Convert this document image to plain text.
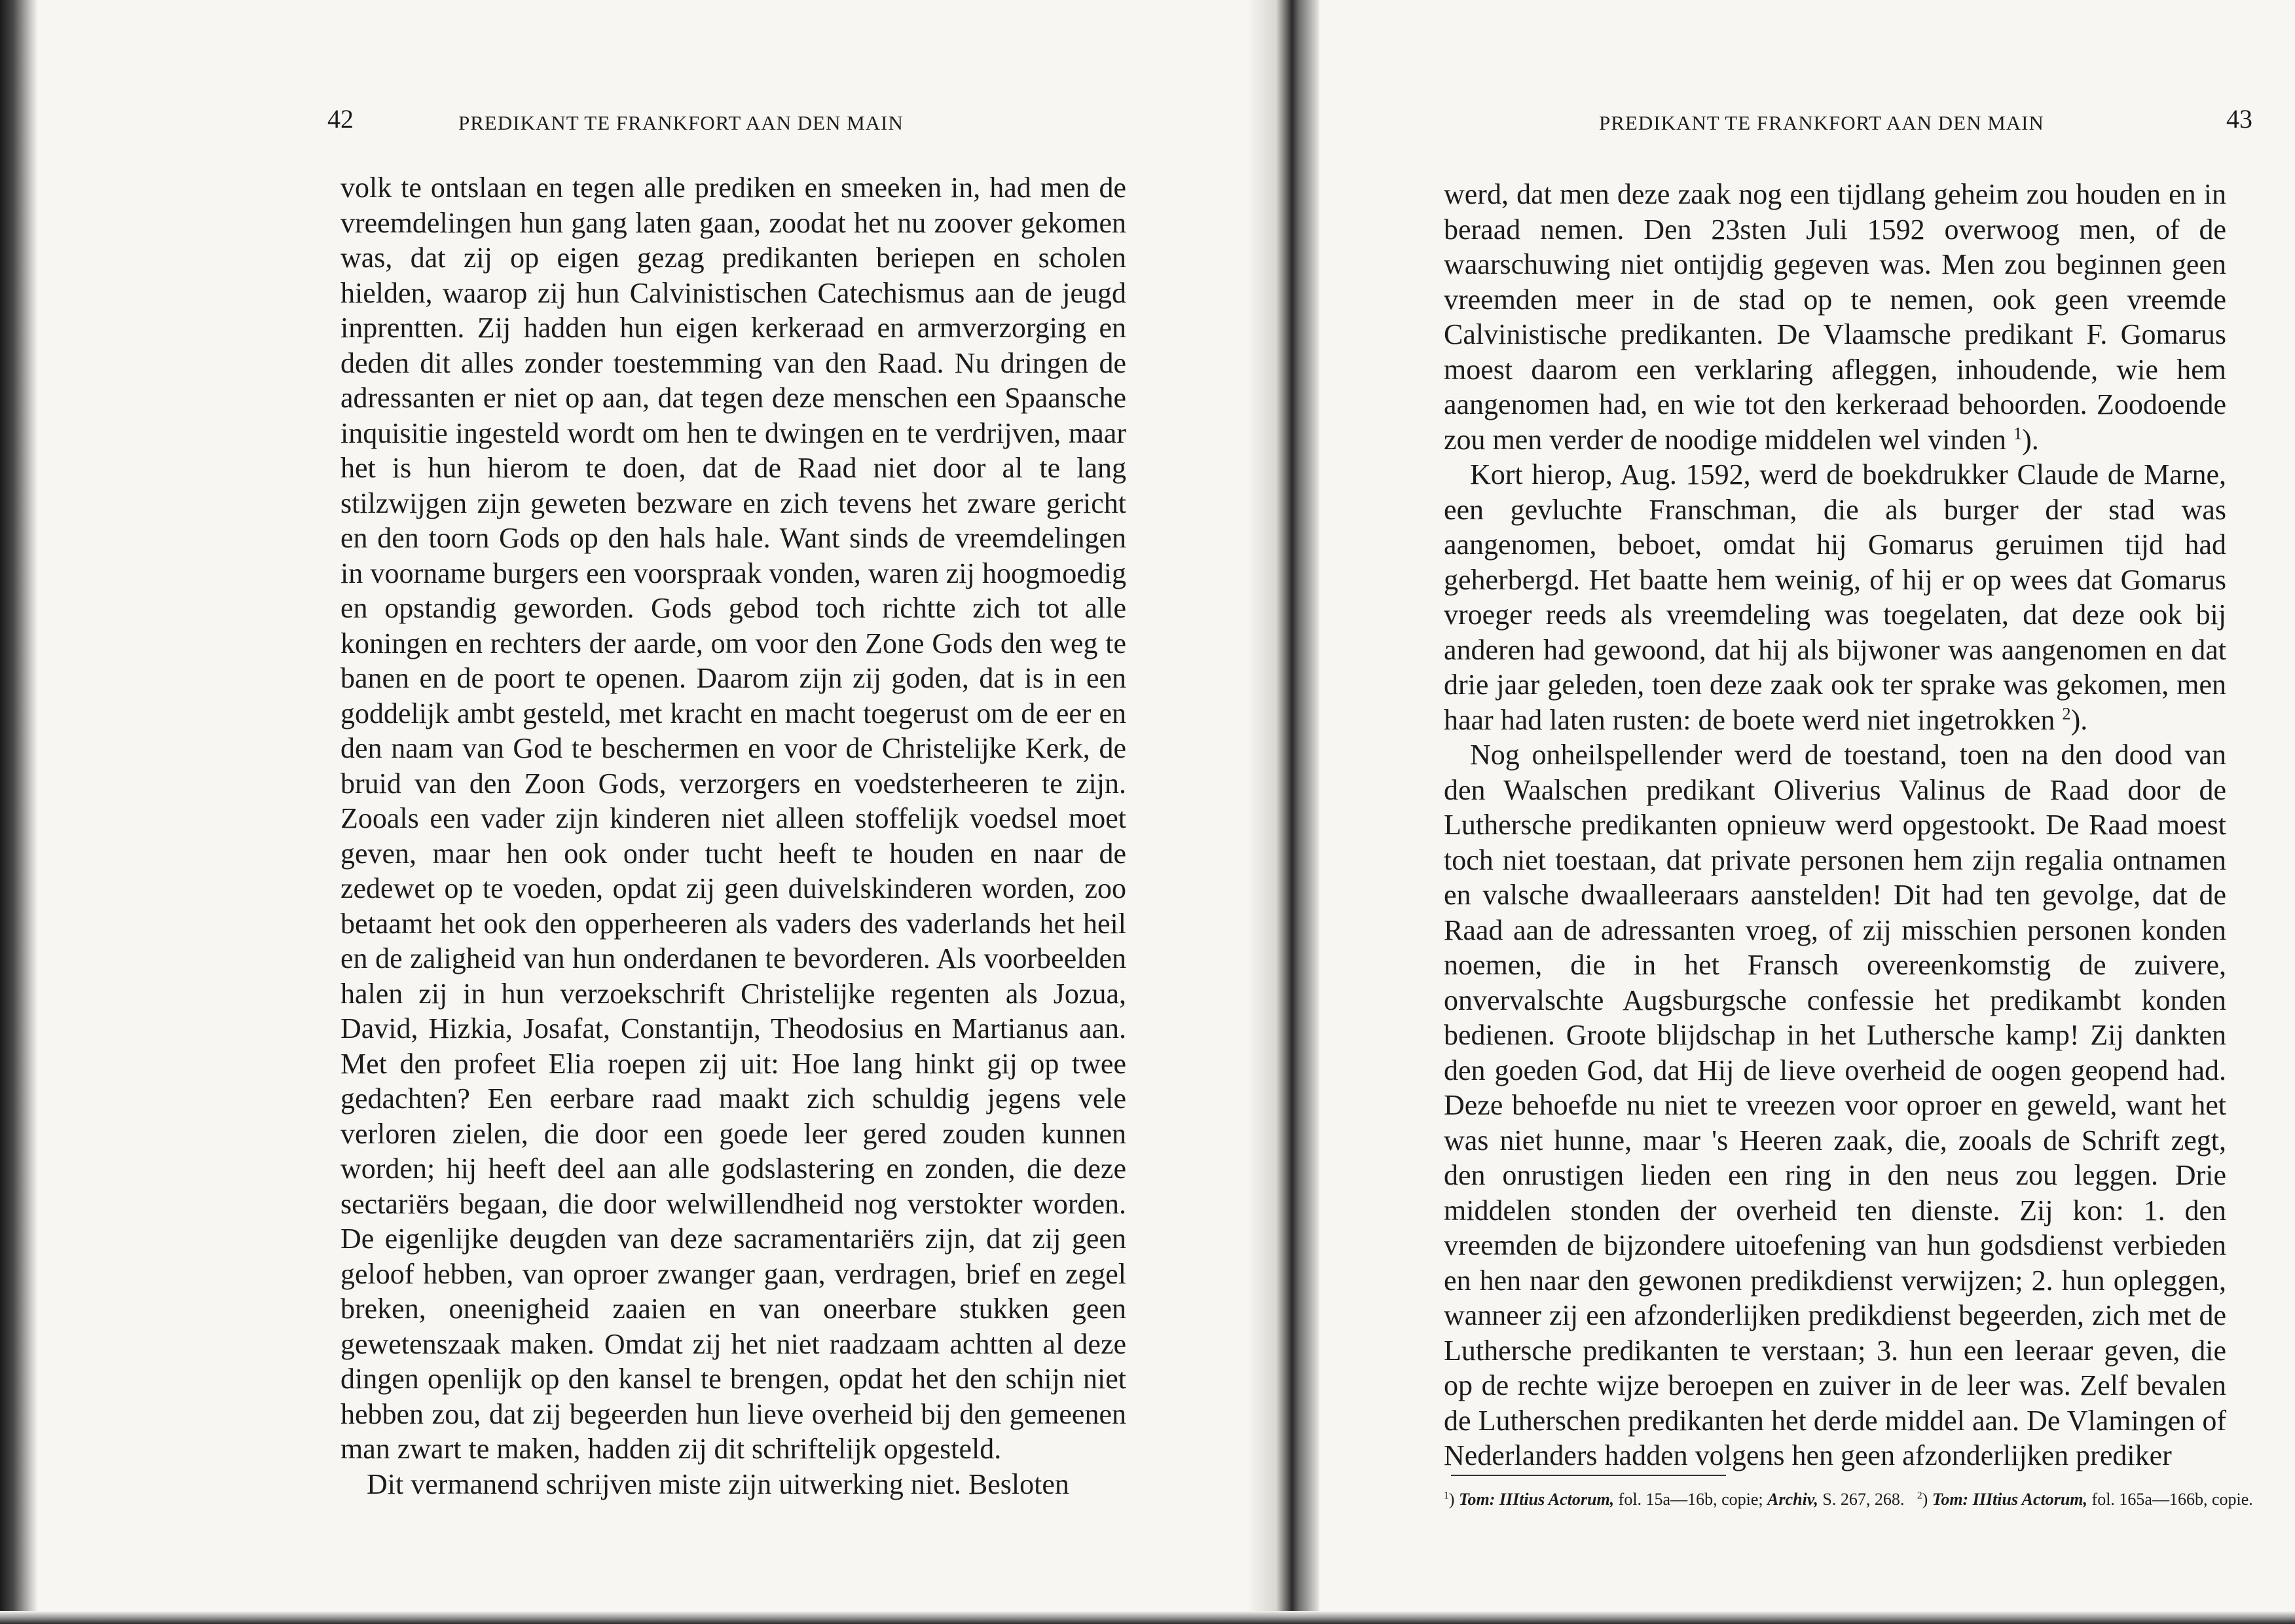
42	PREDIKANT TE FRANKFORT AAN DEN MAIN

volk te ontslaan en tegen alle prediken en smeeken in, had men de vreemdelingen hun gang laten gaan, zoodat het nu zoover gekomen was, dat zij op eigen gezag predikanten beriepen en scholen hielden, waarop zij hun Calvinistischen Catechismus aan de jeugd inprentten. Zij hadden hun eigen kerkeraad en armverzorging en deden dit alles zonder toestemming van den Raad. Nu dringen de adressanten er niet op aan, dat tegen deze menschen een Spaansche inquisitie ingesteld wordt om hen te dwingen en te verdrijven, maar het is hun hierom te doen, dat de Raad niet door al te lang stilzwijgen zijn geweten bezware en zich tevens het zware gericht en den toorn Gods op den hals hale. Want sinds de vreemdelingen in voorname burgers een voorspraak vonden, waren zij hoogmoedig en opstandig geworden. Gods gebod toch richtte zich tot alle koningen en rechters der aarde, om voor den Zone Gods den weg te banen en de poort te openen. Daarom zijn zij goden, dat is in een goddelijk ambt gesteld, met kracht en macht toegerust om de eer en den naam van God te beschermen en voor de Christelijke Kerk, de bruid van den Zoon Gods, verzorgers en voedsterheeren te zijn. Zooals een vader zijn kinderen niet alleen stoffelijk voedsel moet geven, maar hen ook onder tucht heeft te houden en naar de zedewet op te voeden, opdat zij geen duivelskinderen worden, zoo betaamt het ook den opperheeren als vaders des vaderlands het heil en de zaligheid van hun onderdanen te bevorderen. Als voorbeelden halen zij in hun verzoekschrift Christelijke regenten als Jozua, David, Hizkia, Josafat, Constantijn, Theodosius en Martianus aan. Met den profeet Elia roepen zij uit: Hoe lang hinkt gij op twee gedachten? Een eerbare raad maakt zich schuldig jegens vele verloren zielen, die door een goede leer gered zouden kunnen worden; hij heeft deel aan alle godslastering en zonden, die deze sectariërs begaan, die door welwillendheid nog verstokter worden. De eigenlijke deugden van deze sacramentariërs zijn, dat zij geen geloof hebben, van oproer zwanger gaan, verdragen, brief en zegel breken, oneenigheid zaaien en van oneerbare stukken geen gewetenszaak maken. Omdat zij het niet raadzaam achtten al deze dingen openlijk op den kansel te brengen, opdat het den schijn niet hebben zou, dat zij begeerden hun lieve overheid bij den gemeenen man zwart te maken, hadden zij dit schriftelijk opgesteld.

Dit vermanend schrijven miste zijn uitwerking niet. Besloten

PREDIKANT TE FRANKFORT AAN DEN MAIN	43

werd, dat men deze zaak nog een tijdlang geheim zou houden en in beraad nemen. Den 23sten Juli 1592 overwoog men, of de waarschuwing niet ontijdig gegeven was. Men zou beginnen geen vreemden meer in de stad op te nemen, ook geen vreemde Calvinistische predikanten. De Vlaamsche predikant F. Gomarus moest daarom een verklaring afleggen, inhoudende, wie hem aangenomen had, en wie tot den kerkeraad behoorden. Zoodoende zou men verder de noodige middelen wel vinden $^1$).

Kort hierop, Aug. 1592, werd de boekdrukker Claude de Marne, een gevluchte Franschman, die als burger der stad was aangenomen, beboet, omdat hij Gomarus geruimen tijd had geherbergd. Het baatte hem weinig, of hij er op wees dat Gomarus vroeger reeds als vreemdeling was toegelaten, dat deze ook bij anderen had gewoond, dat hij als bijwoner was aangenomen en dat drie jaar geleden, toen deze zaak ook ter sprake was gekomen, men haar had laten rusten: de boete werd niet ingetrokken $^2$).

Nog onheilspellender werd de toestand, toen na den dood van den Waalschen predikant Oliverius Valinus de Raad door de Luthersche predikanten opnieuw werd opgestookt. De Raad moest toch niet toestaan, dat private personen hem zijn regalia ontnamen en valsche dwaalleeraars aanstelden! Dit had ten gevolge, dat de Raad aan de adressanten vroeg, of zij misschien personen konden noemen, die in het Fransch overeenkomstig de zuivere, onvervalschte Augsburgsche confessie het predikambt konden bedienen. Groote blijdschap in het Luthersche kamp! Zij dankten den goeden God, dat Hij de lieve overheid de oogen geopend had. Deze behoefde nu niet te vreezen voor oproer en geweld, want het was niet hunne, maar 's Heeren zaak, die, zooals de Schrift zegt, den onrustigen lieden een ring in den neus zou leggen. Drie middelen stonden der overheid ten dienste. Zij kon: 1. den vreemden de bijzondere uitoefening van hun godsdienst verbieden en hen naar den gewonen predikdienst verwijzen; 2. hun opleggen, wanneer zij een afzonderlijken predikdienst begeerden, zich met de Luthersche predikanten te verstaan; 3. hun een leeraar geven, die op de rechte wijze beroepen en zuiver in de leer was. Zelf bevalen de Lutherschen predikanten het derde middel aan. De Vlamingen of Nederlanders hadden volgens hen geen afzonderlijken prediker

$^1$) Tom: IIItius Actorum, fol. 15a—16b, copie; Archiv, S. 267, 268. $^2$) Tom: IIItius Actorum, fol. 165a—166b, copie.
